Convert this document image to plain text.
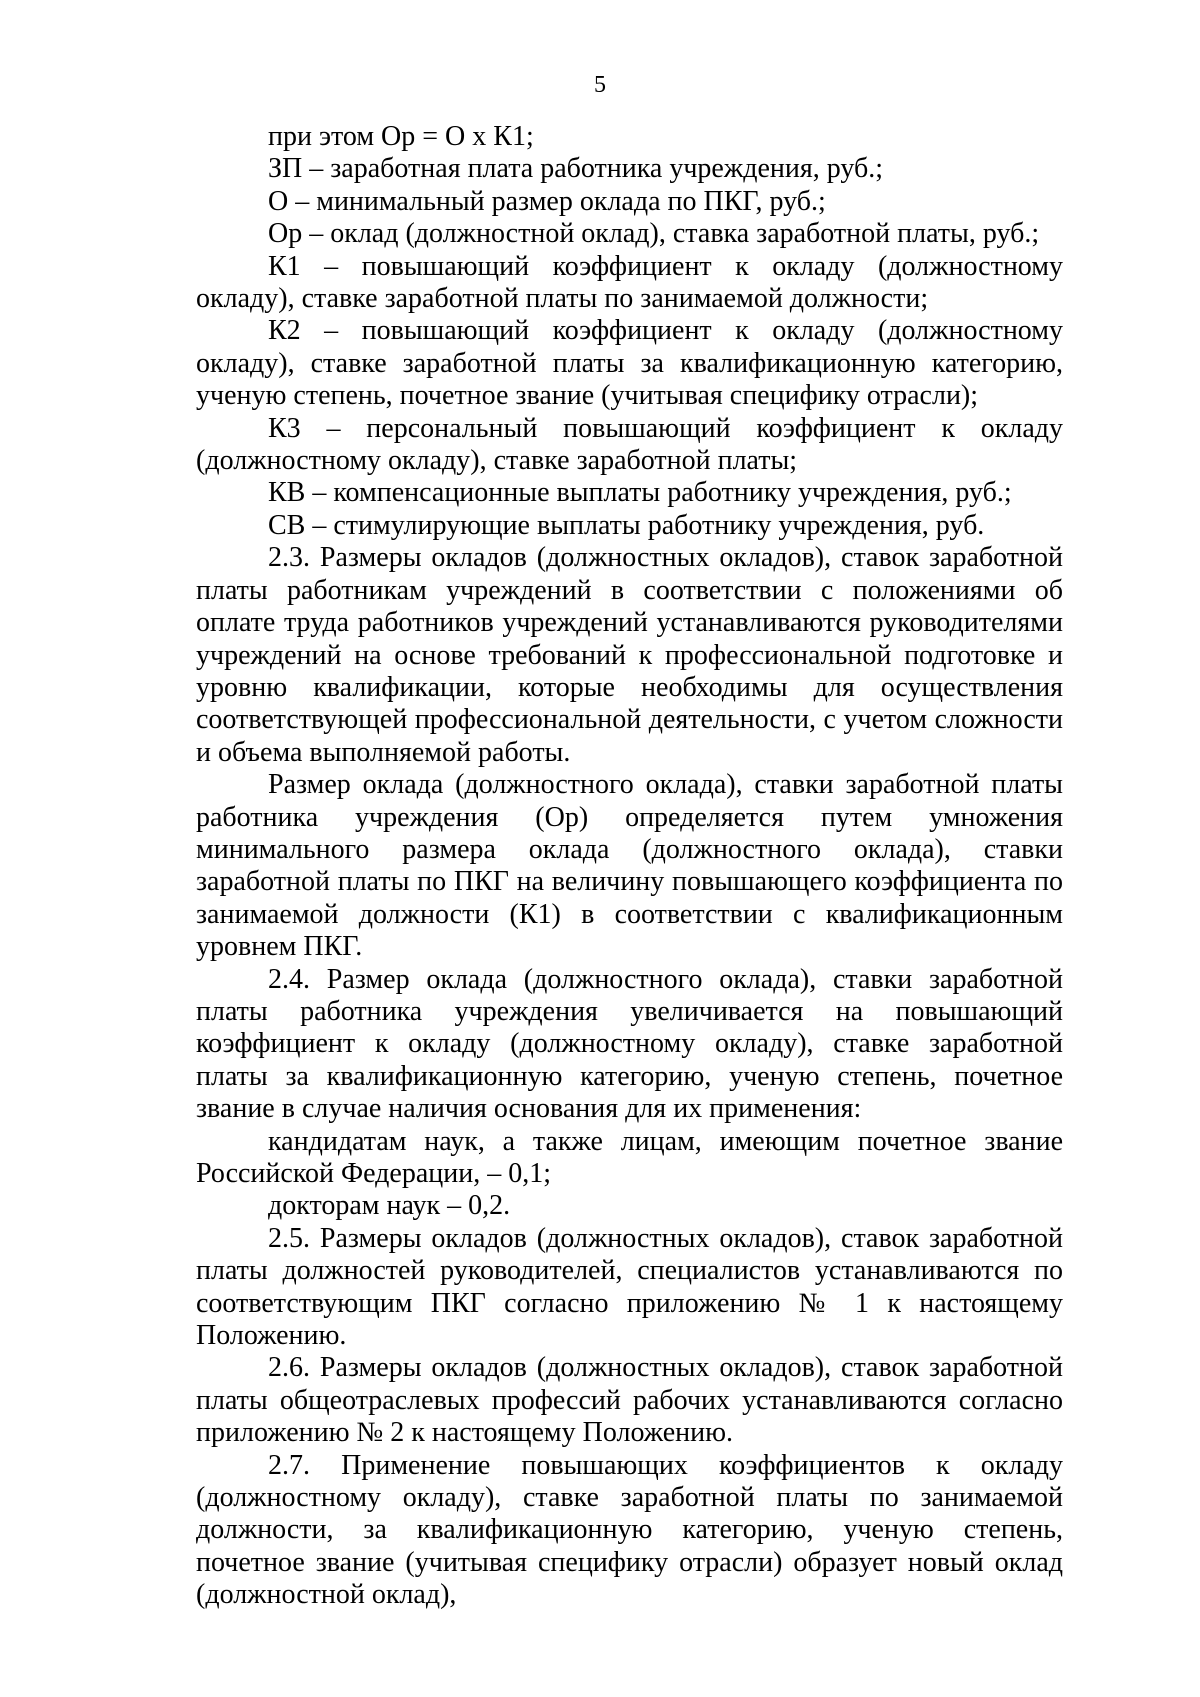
5

при этом Ор = О х К1;

ЗП – заработная плата работника учреждения, руб.;

О – минимальный размер оклада по ПКГ, руб.;

Ор – оклад (должностной оклад), ставка заработной платы, руб.;

К1 – повышающий коэффициент к окладу (должностному окладу), ставке заработной платы по занимаемой должности;

К2 – повышающий коэффициент к окладу (должностному окладу), ставке заработной платы за квалификационную категорию, ученую степень, почетное звание (учитывая специфику отрасли);

К3 – персональный повышающий коэффициент к окладу (должностному окладу), ставке заработной платы;

КВ – компенсационные выплаты работнику учреждения, руб.;

СВ – стимулирующие выплаты работнику учреждения, руб.

2.3. Размеры окладов (должностных окладов), ставок заработной платы работникам учреждений в соответствии с положениями об оплате труда работников учреждений устанавливаются руководителями учреждений на основе требований к профессиональной подготовке и уровню квалификации, которые необходимы для осуществления соответствующей профессиональной деятельности, с учетом сложности и объема выполняемой работы.

Размер оклада (должностного оклада), ставки заработной платы работника учреждения (Ор) определяется путем умножения минимального размера оклада (должностного оклада), ставки заработной платы по ПКГ на величину повышающего коэффициента по занимаемой должности (К1) в соответствии с квалификационным уровнем ПКГ.

2.4. Размер оклада (должностного оклада), ставки заработной платы работника учреждения увеличивается на повышающий коэффициент к окладу (должностному окладу), ставке заработной платы за квалификационную категорию, ученую степень, почетное звание в случае наличия основания для их применения:

кандидатам наук, а также лицам, имеющим почетное звание Российской Федерации, – 0,1;

докторам наук – 0,2.

2.5. Размеры окладов (должностных окладов), ставок заработной платы должностей руководителей, специалистов устанавливаются по соответствующим ПКГ согласно приложению № 1 к настоящему Положению.

2.6. Размеры окладов (должностных окладов), ставок заработной платы общеотраслевых профессий рабочих устанавливаются согласно приложению № 2 к настоящему Положению.

2.7. Применение повышающих коэффициентов к окладу (должностному окладу), ставке заработной платы по занимаемой должности, за квалификационную категорию, ученую степень, почетное звание (учитывая специфику отрасли) образует новый оклад (должностной оклад),
